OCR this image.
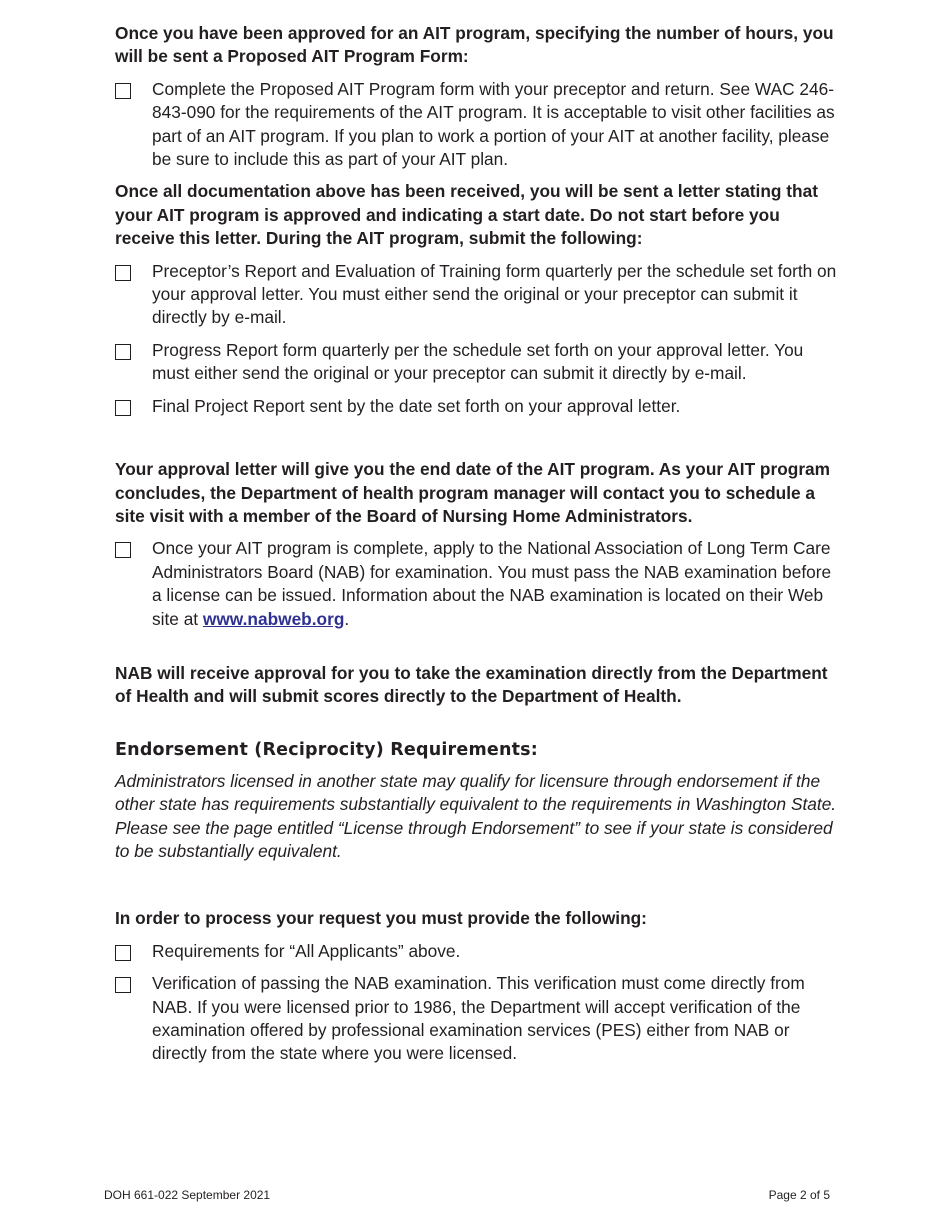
Once you have been approved for an AIT program, specifying the number of hours, you will be sent a Proposed AIT Program Form:

Complete the Proposed AIT Program form with your preceptor and return. See WAC 246-843-090 for the requirements of the AIT program. It is acceptable to visit other facilities as part of an AIT program. If you plan to work a portion of your AIT at another facility, please be sure to include this as part of your AIT plan.

Once all documentation above has been received, you will be sent a letter stating that your AIT program is approved and indicating a start date. Do not start before you receive this letter. During the AIT program, submit the following:

Preceptor’s Report and Evaluation of Training form quarterly per the schedule set forth on your approval letter. You must either send the original or your preceptor can submit it directly by e-mail.
Progress Report form quarterly per the schedule set forth on your approval letter. You must either send the original or your preceptor can submit it directly by e-mail.
Final Project Report sent by the date set forth on your approval letter.

Your approval letter will give you the end date of the AIT program. As your AIT program concludes, the Department of health program manager will contact you to schedule a site visit with a member of the Board of Nursing Home Administrators.

Once your AIT program is complete, apply to the National Association of Long Term Care Administrators Board (NAB) for examination. You must pass the NAB examination before a license can be issued. Information about the NAB examination is located on their Web site at www.nabweb.org.

NAB will receive approval for you to take the examination directly from the Department of Health and will submit scores directly to the Department of Health.

Endorsement (Reciprocity) Requirements:

Administrators licensed in another state may qualify for licensure through endorsement if the other state has requirements substantially equivalent to the requirements in Washington State. Please see the page entitled “License through Endorsement” to see if your state is considered to be substantially equivalent.

In order to process your request you must provide the following:

Requirements for “All Applicants” above.
Verification of passing the NAB examination. This verification must come directly from NAB. If you were licensed prior to 1986, the Department will accept verification of the examination offered by professional examination services (PES) either from NAB or directly from the state where you were licensed.
DOH 661-022 September 2021	Page 2 of 5
